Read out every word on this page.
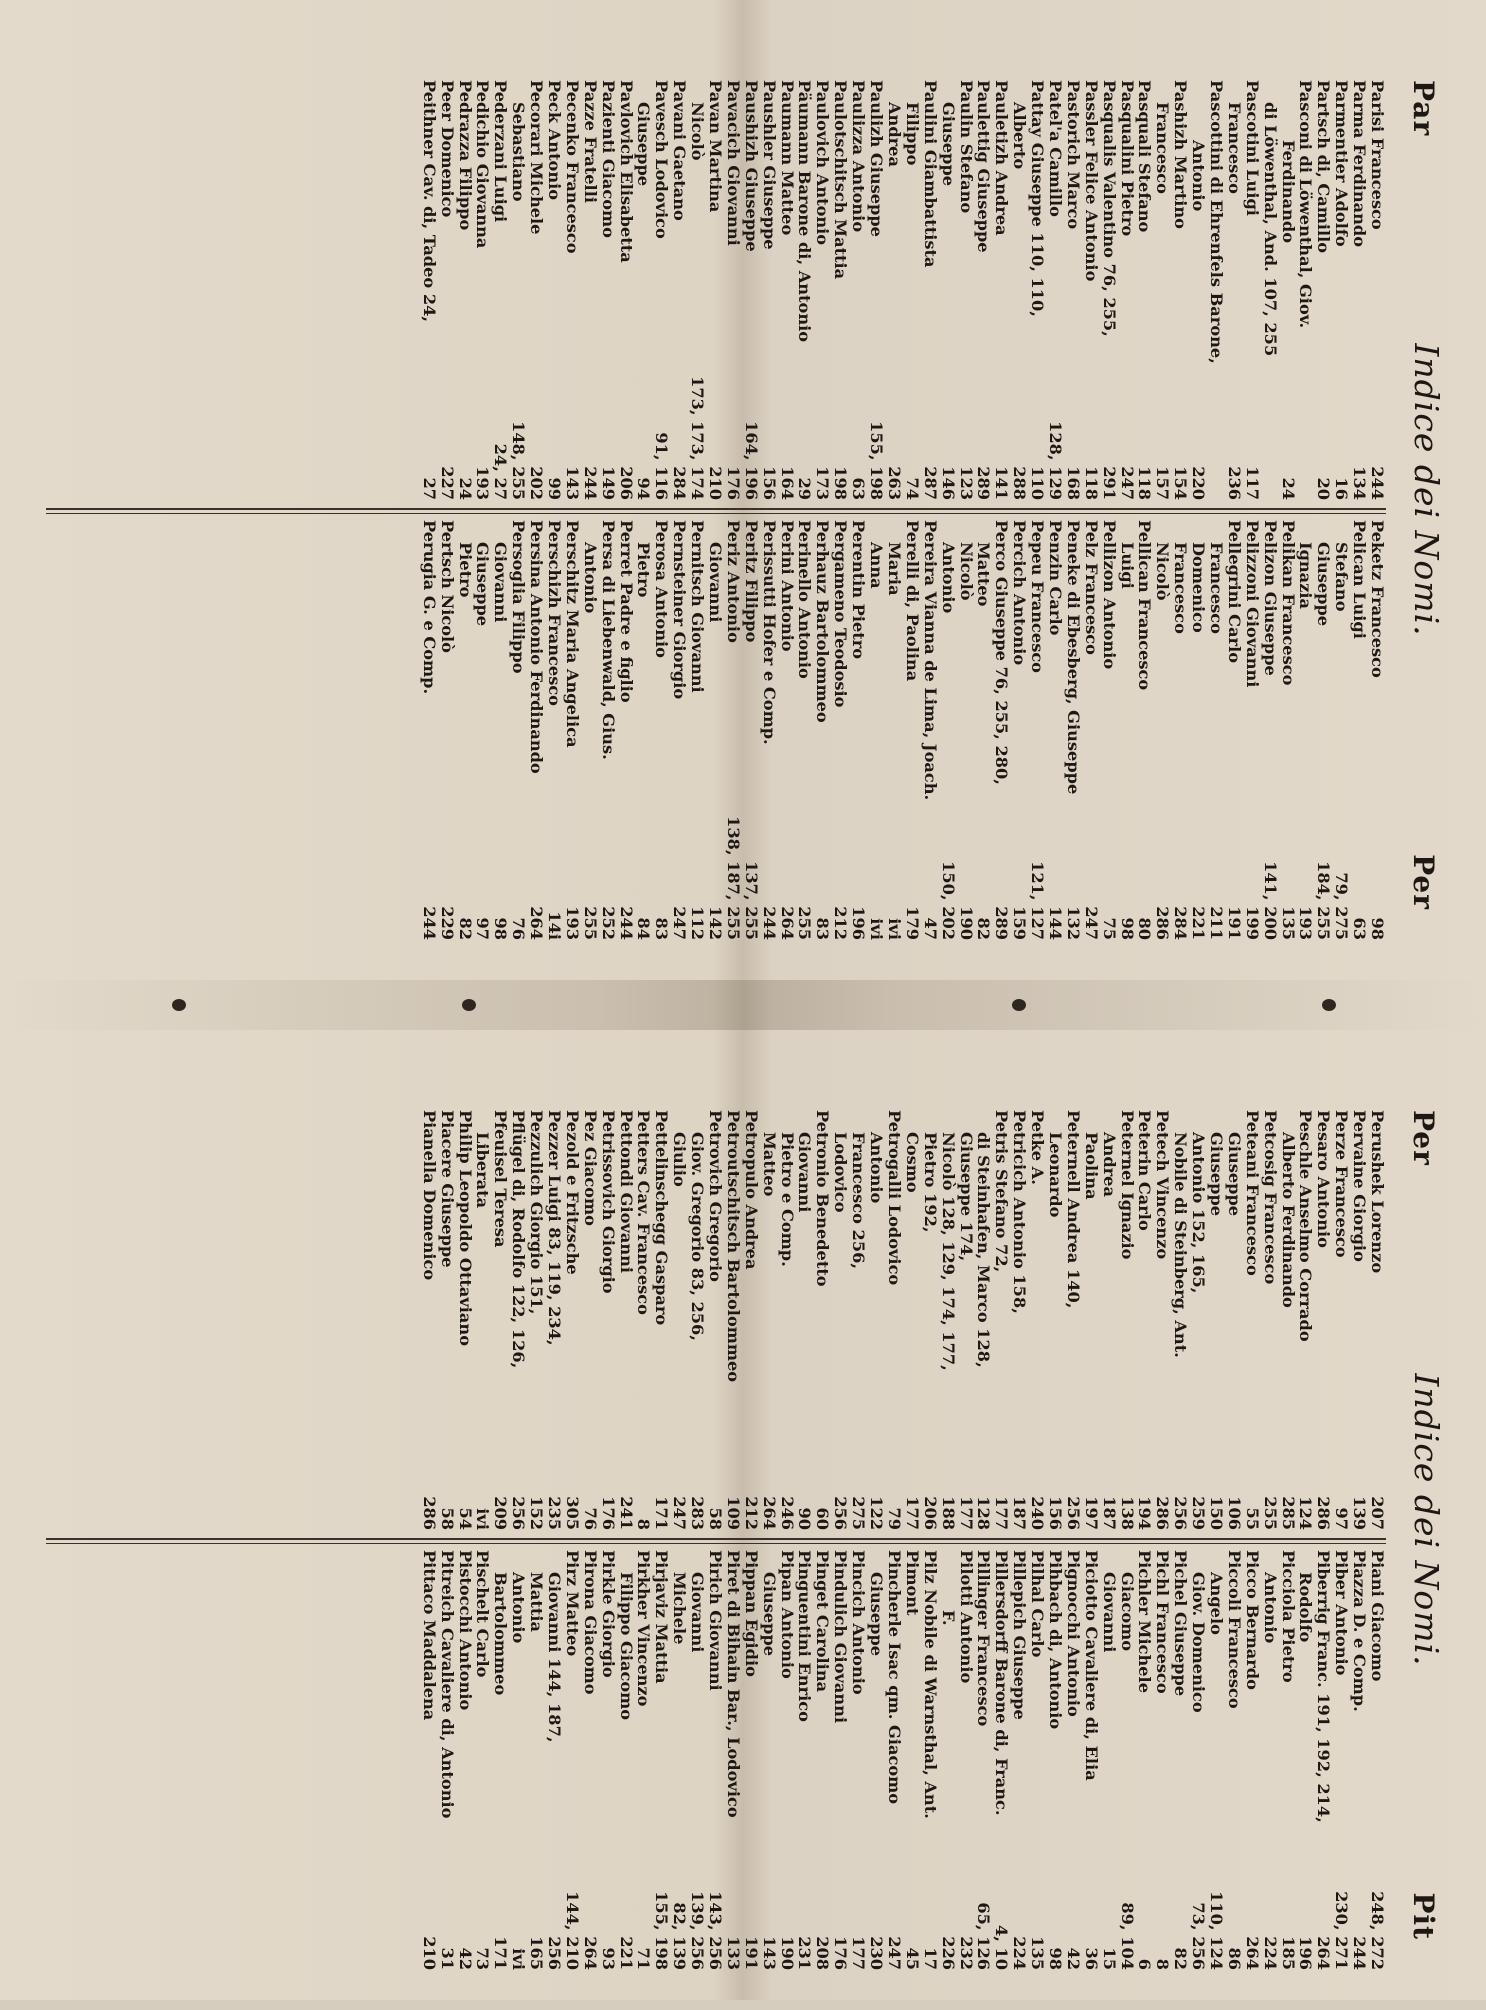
Par
Indice dei Nomi.
Per
Parisi Francesco
244
Parma Ferdinando
134
Parmentier Adolfo
16
Partsch di, Camillo
20
Pasconi di Löwenthal, Giov.
Ferdinando
24
di Löwenthal, And. 107, 255
Pascotini Luigi
117
Francesco
236
Pascottini di Ehrenfels Barone,
Antonio
220
Pashizh Martino
154
Francesco
157
Pasquali Stefano
118
Pasqualini Pietro
247
Pasqualis Valentino 76, 255,
291
Passler Felice Antonio
118
Pastorich Marco
168
Patel'a Camillo
128, 129
Pattay Giuseppe 110, 110,
110
Alberto
288
Pauletizh Andrea
141
Paulettig Giuseppe
289
Paulin Stefano
123
Giuseppe
146
Paulini Giambattista
287
Filippo
74
Andrea
263
Paulizh Giuseppe
155, 198
Paulizza Antonio
63
Paulotschitsch Mattia
198
Paulovich Antonio
173
Päumann Barone di, Antonio
29
Paumann Matteo
164
Paushler Giuseppe
156
Paushizh Giuseppe
164, 196
Pavacich Giovanni
176
Pavan Martina
210
Nicolò
173, 173, 174
Pavani Gaetano
284
Pavesch Lodovico
91, 116
Giuseppe
94
Pavlovich Elisabetta
206
Pazienti Giacomo
149
Pazze Fratelli
244
Pecenko Francesco
143
Peck Antonio
99
Pecorari Michele
202
Sebastiano
148, 255
Pederzani Luigi
24, 27
Pedichio Giovanna
193
Pedrazza Filippo
24
Peer Domenico
227
Peithner Cav. di, Tadeo 24,
27
Peketz Francesco
98
Pelican Luigi
63
Stefano
79, 275
Giuseppe
184, 255
Ignazia
193
Pelikan Francesco
135
Pelizon Giuseppe
141, 200
Pelizzoni Giovanni
199
Pellegrini Carlo
191
Francesco
211
Domenico
221
Francesco
284
Nicolò
286
Pellican Francesco
80
Luigi
98
Pellizon Antonio
75
Pelz Francesco
247
Peneke di Ebesberg, Giuseppe
132
Penzin Carlo
144
Pepeu Francesco
121, 127
Percich Antonio
159
Perco Giuseppe 76, 255, 280,
289
Matteo
82
Nicolò
190
Antonio
150, 202
Pereira Vianna de Lima, Joach.
47
Perelli di, Paolina
179
Maria
ivi
Anna
ivi
Perentin Pietro
196
Pergameno Teodosio
212
Perhauz Bartolommeo
83
Perinello Antonio
255
Perini Antonio
264
Perissutti Hofer e Comp.
244
Peritz Filippo
137, 255
Periz Antonio
138, 187, 255
Giovanni
142
Pernitsch Giovanni
112
Pernsteiner Giorgio
247
Perosa Antonio
83
Pietro
84
Perret Padre e figlio
244
Persa di Liebenwald, Gius.
252
Antonio
255
Perschitz Maria Angelica
193
Perschizh Francesco
14i
Persina Antonio Ferdinando
264
Persoglia Filippo
76
Giovanni
98
Giuseppe
97
Pietro
82
Pertsch Nicolò
229
Perugia G. e Comp.
244
Per
Indice dei Nomi.
Pit
Perushek Lorenzo
207
Pervaine Giorgio
139
Perze Francesco
97
Pesaro Antonio
286
Peschle Anselmo Corrado
124
Alberto Ferdinando
285
Petcosig Francesco
255
Peteani Francesco
55
Giuseppe
106
Giuseppe
150
Antonio 152, 165,
259
Nobile di Steinberg, Ant.
256
Petech Vincenzo
286
Peterin Carlo
194
Peternel Ignazio
138
Andrea
187
Paolina
197
Peternell Andrea 140,
256
Leonardo
156
Petke A.
240
Petricich Antonio 158,
187
Petris Stefano 72,
177
di Steinhafen, Marco 128,
128
Giuseppe 174,
177
Nicolò 128, 129, 174, 177,
188
Pietro 192,
206
Cosmo
177
Petrogalli Lodovico
79
Antonio
122
Francesco 256,
275
Lodovico
256
Petronio Benedetto
60
Giovanni
90
Pietro e Comp.
246
Matteo
264
Petropulo Andrea
212
Petroutschitsch Bartolommeo
109
Petrovich Gregorio
58
Giov. Gregorio 83, 256,
283
Giulio
247
Pettelinschegg Gasparo
171
Petters Cav. Francesco
8
Pettondi Giovanni
241
Petrissovich Giorgio
176
Pez Giacomo
76
Pezold e Fritzsche
305
Pezzer Luigi 83, 119, 234,
235
Pezzulich Giorgio 151,
152
Pflügel di, Rodolfo 122, 126,
256
Pfeuisel Teresa
209
Liberata
ivi
Philip Leopoldo Ottaviano
54
Piacere Giuseppe
58
Pianella Domenico
286
Piani Giacomo
248, 272
Piazza D. e Comp.
244
Piber Antonio
230, 271
Piberrig Franc. 191, 192, 214,
264
Rodolfo
196
Picciola Pietro
185
Antonio
224
Picco Bernardo
264
Piccoli Francesco
86
Angelo
110, 124
Giov. Domenico
73, 256
Pichel Giuseppe
82
Pichl Francesco
8
Pichler Michele
6
Giacomo
89, 104
Giovanni
15
Piciotto Cavaliere di, Elia
36
Pignocchi Antonio
42
Pihbach di, Antonio
98
Pilhal Carlo
135
Pillepich Giuseppe
224
Pillersdorff Barone di, Franc.
4, 10
Pillinger Francesco
65, 126
Pilotti Antonio
232
F.
226
Pilz Nobile di Warnsthal, Ant.
17
Pimont
45
Pincherle Isac qm. Giacomo
247
Giuseppe
230
Pincich Antonio
177
Pindulich Giovanni
176
Pinget Carolina
208
Pinguentini Enrico
231
Pipan Antonio
190
Giuseppe
143
Pippan Egidio
191
Piret di Bihain Bar., Lodovico
133
Pirich Giovanni
143, 256
Giovanni
139, 256
Michele
82, 139
Pirjaviz Mattia
155, 198
Pirkher Vincenzo
71
Filippo Giacomo
221
Pirkle Giorgio
93
Pirona Giacomo
264
Pirz Matteo
144, 210
Giovanni 144, 187,
256
Mattia
165
Antonio
ivi
Bartolommeo
171
Pischelt Carlo
73
Pistocchi Antonio
42
Pitreich Cavaliere di, Antonio
31
Pittaco Maddalena
210
